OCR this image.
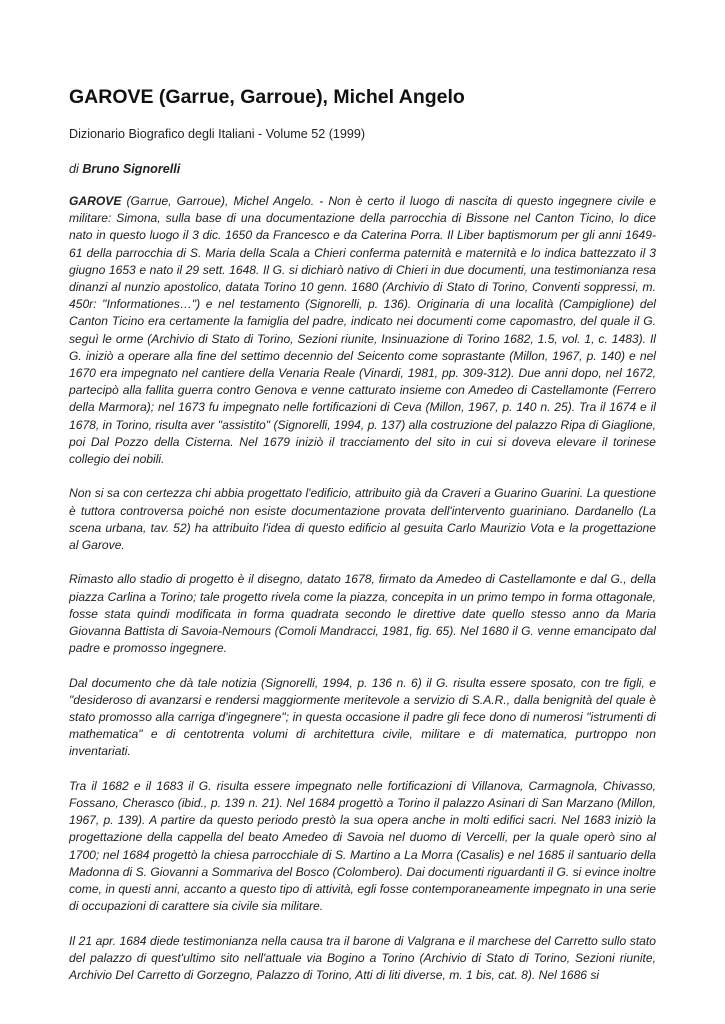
GAROVE (Garrue, Garroue), Michel Angelo
Dizionario Biografico degli Italiani - Volume 52 (1999)
di Bruno Signorelli

GAROVE (Garrue, Garroue), Michel Angelo. - Non è certo il luogo di nascita di questo ingegnere civile e militare: Simona, sulla base di una documentazione della parrocchia di Bissone nel Canton Ticino, lo dice nato in questo luogo il 3 dic. 1650 da Francesco e da Caterina Porra. Il Liber baptismorum per gli anni 1649-61 della parrocchia di S. Maria della Scala a Chieri conferma paternità e maternità e lo indica battezzato il 3 giugno 1653 e nato il 29 sett. 1648. Il G. si dichiarò nativo di Chieri in due documenti, una testimonianza resa dinanzi al nunzio apostolico, datata Torino 10 genn. 1680 (Archivio di Stato di Torino, Conventi soppressi, m. 450r: "Informationes…") e nel testamento (Signorelli, p. 136). Originaria di una località (Campiglione) del Canton Ticino era certamente la famiglia del padre, indicato nei documenti come capomastro, del quale il G. seguì le orme (Archivio di Stato di Torino, Sezioni riunite, Insinuazione di Torino 1682, 1.5, vol. 1, c. 1483). Il G. iniziò a operare alla fine del settimo decennio del Seicento come soprastante (Millon, 1967, p. 140) e nel 1670 era impegnato nel cantiere della Venaria Reale (Vinardi, 1981, pp. 309-312). Due anni dopo, nel 1672, partecipò alla fallita guerra contro Genova e venne catturato insieme con Amedeo di Castellamonte (Ferrero della Marmora); nel 1673 fu impegnato nelle fortificazioni di Ceva (Millon, 1967, p. 140 n. 25). Tra il 1674 e il 1678, in Torino, risulta aver "assistito" (Signorelli, 1994, p. 137) alla costruzione del palazzo Ripa di Giaglione, poi Dal Pozzo della Cisterna. Nel 1679 iniziò il tracciamento del sito in cui si doveva elevare il torinese collegio dei nobili.

Non si sa con certezza chi abbia progettato l'edificio, attribuito già da Craveri a Guarino Guarini. La questione è tuttora controversa poiché non esiste documentazione provata dell'intervento guariniano. Dardanello (La scena urbana, tav. 52) ha attribuito l'idea di questo edificio al gesuita Carlo Maurizio Vota e la progettazione al Garove.

Rimasto allo stadio di progetto è il disegno, datato 1678, firmato da Amedeo di Castellamonte e dal G., della piazza Carlina a Torino; tale progetto rivela come la piazza, concepita in un primo tempo in forma ottagonale, fosse stata quindi modificata in forma quadrata secondo le direttive date quello stesso anno da Maria Giovanna Battista di Savoia-Nemours (Comoli Mandracci, 1981, fig. 65). Nel 1680 il G. venne emancipato dal padre e promosso ingegnere.

Dal documento che dà tale notizia (Signorelli, 1994, p. 136 n. 6) il G. risulta essere sposato, con tre figli, e "desideroso di avanzarsi e rendersi maggiormente meritevole a servizio di S.A.R., dalla benignità del quale è stato promosso alla carriga d'ingegnere"; in questa occasione il padre gli fece dono di numerosi "istrumenti di mathematica" e di centotrenta volumi di architettura civile, militare e di matematica, purtroppo non inventariati.

Tra il 1682 e il 1683 il G. risulta essere impegnato nelle fortificazioni di Villanova, Carmagnola, Chivasso, Fossano, Cherasco (ibid., p. 139 n. 21). Nel 1684 progettò a Torino il palazzo Asinari di San Marzano (Millon, 1967, p. 139). A partire da questo periodo prestò la sua opera anche in molti edifici sacri. Nel 1683 iniziò la progettazione della cappella del beato Amedeo di Savoia nel duomo di Vercelli, per la quale operò sino al 1700; nel 1684 progettò la chiesa parrocchiale di S. Martino a La Morra (Casalis) e nel 1685 il santuario della Madonna di S. Giovanni a Sommariva del Bosco (Colombero). Dai documenti riguardanti il G. si evince inoltre come, in questi anni, accanto a questo tipo di attività, egli fosse contemporaneamente impegnato in una serie di occupazioni di carattere sia civile sia militare.

Il 21 apr. 1684 diede testimonianza nella causa tra il barone di Valgrana e il marchese del Carretto sullo stato del palazzo di quest'ultimo sito nell'attuale via Bogino a Torino (Archivio di Stato di Torino, Sezioni riunite, Archivio Del Carretto di Gorzegno, Palazzo di Torino, Atti di liti diverse, m. 1 bis, cat. 8). Nel 1686 si
